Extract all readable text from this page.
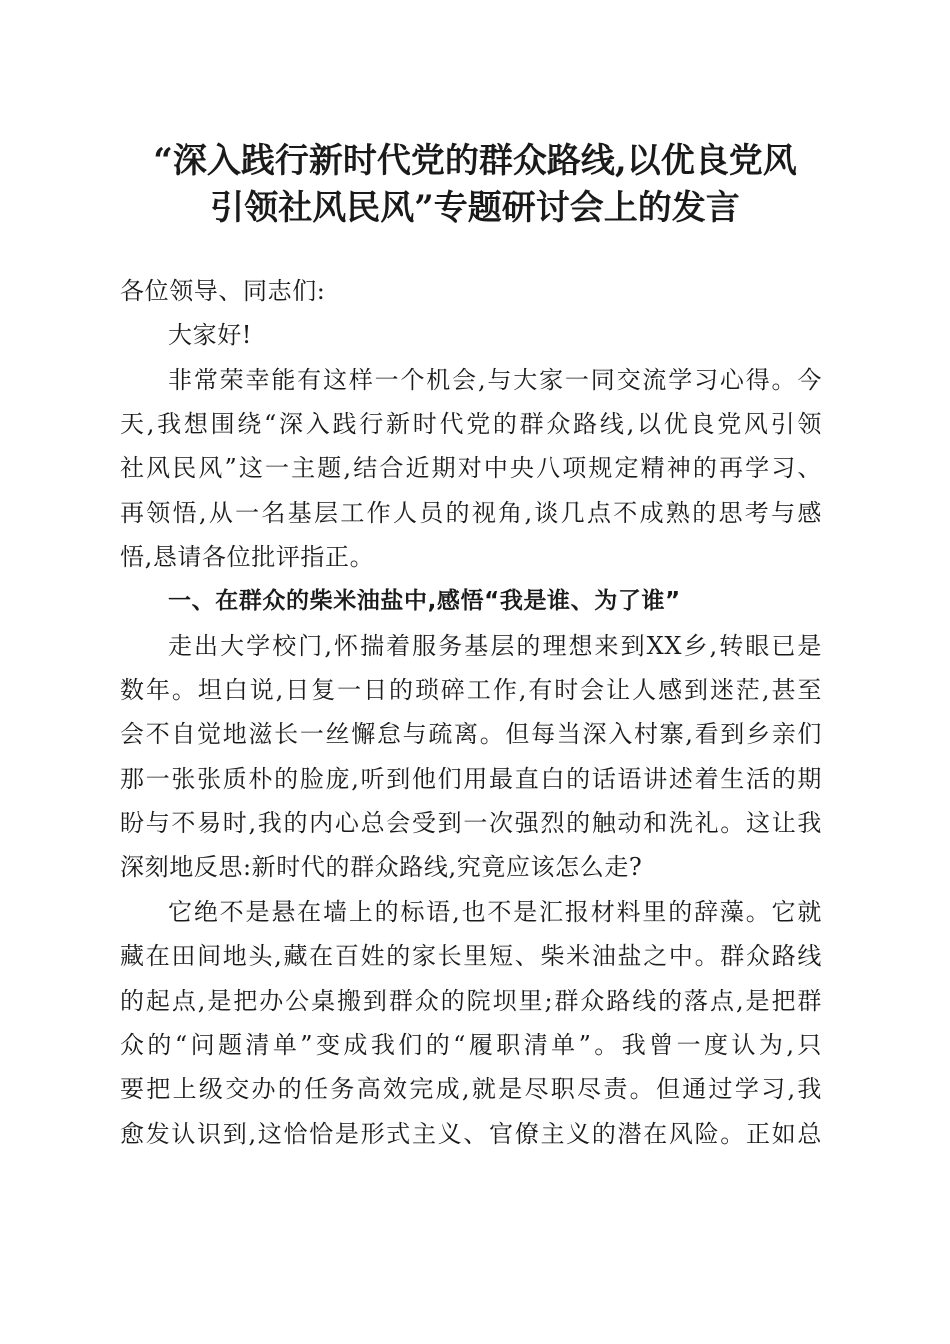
“深入践行新时代党的群众路线,以优良党风
引领社风民风”专题研讨会上的发言
各位领导、同志们:
大家好!
非常荣幸能有这样一个机会,与大家一同交流学习心得。今
天,我想围绕“深入践行新时代党的群众路线,以优良党风引领
社风民风”这一主题,结合近期对中央八项规定精神的再学习、
再领悟,从一名基层工作人员的视角,谈几点不成熟的思考与感
悟,恳请各位批评指正。
一、在群众的柴米油盐中,感悟“我是谁、为了谁”
走出大学校门,怀揣着服务基层的理想来到XX乡,转眼已是
数年。坦白说,日复一日的琐碎工作,有时会让人感到迷茫,甚至
会不自觉地滋长一丝懈怠与疏离。但每当深入村寨,看到乡亲们
那一张张质朴的脸庞,听到他们用最直白的话语讲述着生活的期
盼与不易时,我的内心总会受到一次强烈的触动和洗礼。这让我
深刻地反思:新时代的群众路线,究竟应该怎么走?
它绝不是悬在墙上的标语,也不是汇报材料里的辞藻。它就
藏在田间地头,藏在百姓的家长里短、柴米油盐之中。群众路线
的起点,是把办公桌搬到群众的院坝里;群众路线的落点,是把群
众的“问题清单”变成我们的“履职清单”。我曾一度认为,只
要把上级交办的任务高效完成,就是尽职尽责。但通过学习,我
愈发认识到,这恰恰是形式主义、官僚主义的潜在风险。正如总
